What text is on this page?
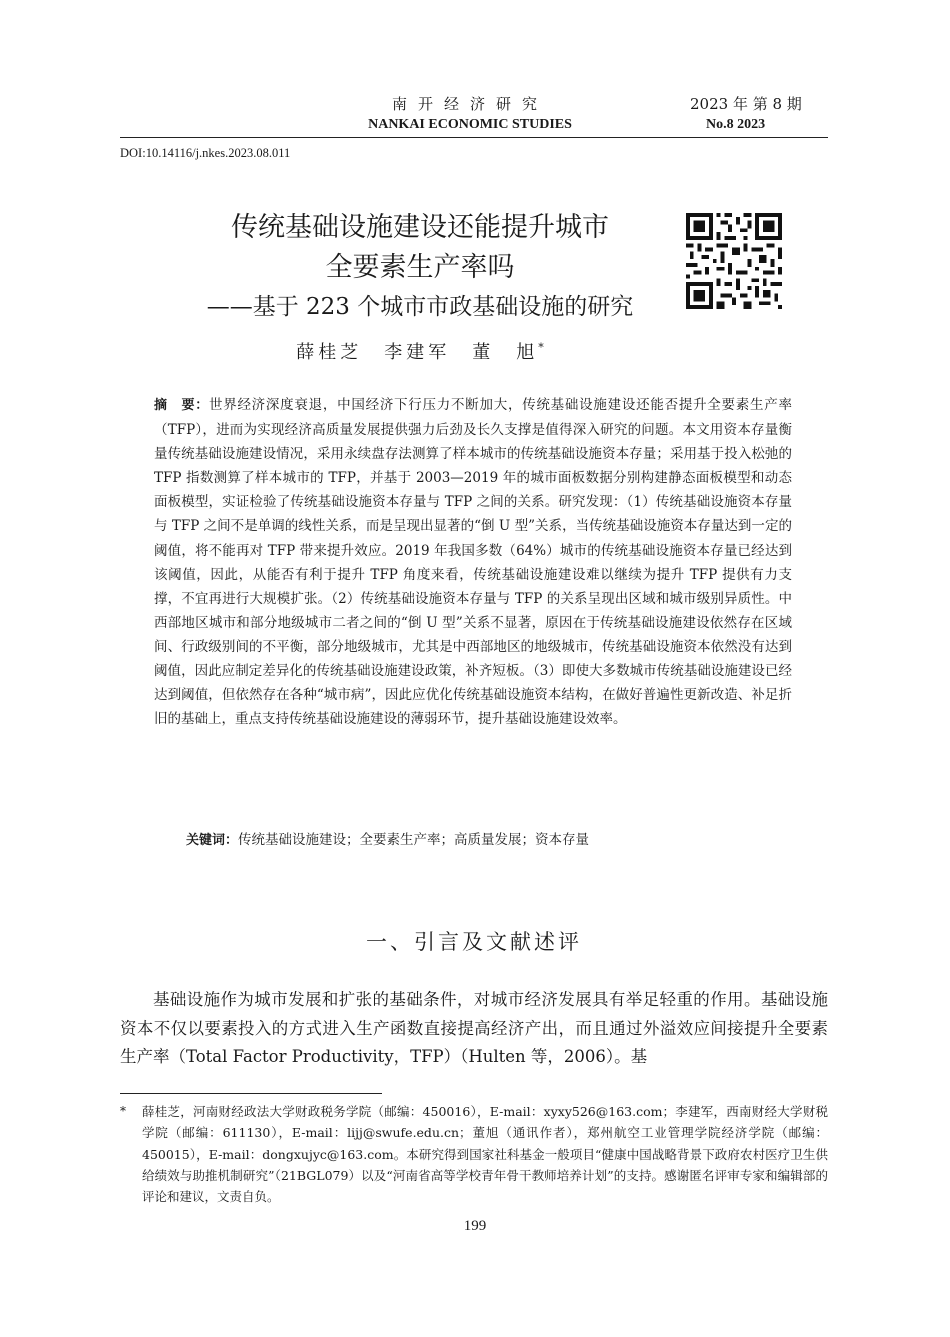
南开经济研究	2023 年 第 8 期
NANKAI ECONOMIC STUDIES	No.8 2023
DOI:10.14116/j.nkes.2023.08.011
传统基础设施建设还能提升城市
全要素生产率吗
——基于 223 个城市市政基础设施的研究
薛桂芝　李建军　董　旭*
摘　要：世界经济深度衰退，中国经济下行压力不断加大，传统基础设施建设还能否提升全要素生产率（TFP），进而为实现经济高质量发展提供强力后劲及长久支撑是值得深入研究的问题。本文用资本存量衡量传统基础设施建设情况，采用永续盘存法测算了样本城市的传统基础设施资本存量；采用基于投入松弛的 TFP 指数测算了样本城市的 TFP，并基于 2003—2019 年的城市面板数据分别构建静态面板模型和动态面板模型，实证检验了传统基础设施资本存量与 TFP 之间的关系。研究发现：（1）传统基础设施资本存量与 TFP 之间不是单调的线性关系，而是呈现出显著的“倒 U 型”关系，当传统基础设施资本存量达到一定的阈值，将不能再对 TFP 带来提升效应。2019 年我国多数（64%）城市的传统基础设施资本存量已经达到该阈值，因此，从能否有利于提升 TFP 角度来看，传统基础设施建设难以继续为提升 TFP 提供有力支撑，不宜再进行大规模扩张。（2）传统基础设施资本存量与 TFP 的关系呈现出区域和城市级别异质性。中西部地区城市和部分地级城市二者之间的“倒 U 型”关系不显著，原因在于传统基础设施建设依然存在区域间、行政级别间的不平衡，部分地级城市，尤其是中西部地区的地级城市，传统基础设施资本依然没有达到阈值，因此应制定差异化的传统基础设施建设政策，补齐短板。（3）即使大多数城市传统基础设施建设已经达到阈值，但依然存在各种“城市病”，因此应优化传统基础设施资本结构，在做好普遍性更新改造、补足折旧的基础上，重点支持传统基础设施建设的薄弱环节，提升基础设施建设效率。
关键词：传统基础设施建设；全要素生产率；高质量发展；资本存量
一、引言及文献述评
基础设施作为城市发展和扩张的基础条件，对城市经济发展具有举足轻重的作用。基础设施资本不仅以要素投入的方式进入生产函数直接提高经济产出，而且通过外溢效应间接提升全要素生产率（Total Factor Productivity，TFP）（Hulten 等，2006）。基
* 薛桂芝，河南财经政法大学财政税务学院（邮编：450016），E-mail：xyxy526@163.com；李建军，西南财经大学财税学院（邮编：611130），E-mail：lijj@swufe.edu.cn；董旭（通讯作者），郑州航空工业管理学院经济学院（邮编：450015），E-mail：dongxujyc@163.com。本研究得到国家社科基金一般项目“健康中国战略背景下政府农村医疗卫生供给绩效与助推机制研究”（21BGL079）以及“河南省高等学校青年骨干教师培养计划”的支持。感谢匿名评审专家和编辑部的评论和建议，文责自负。
199
